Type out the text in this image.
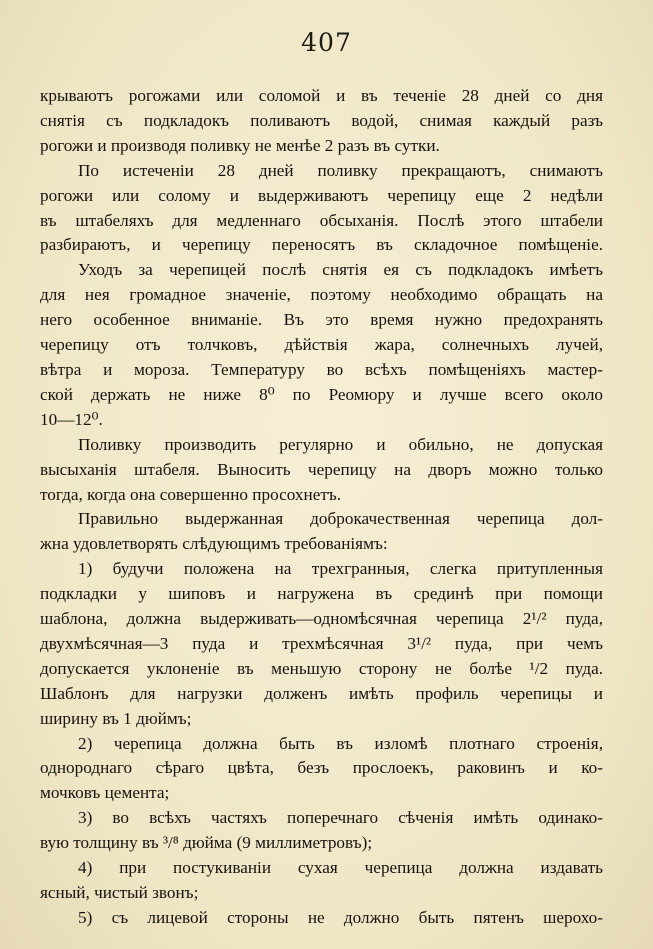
407
крываютъ рогожами или соломой и въ теченіе 28 дней со дня
снятія съ подкладокъ поливаютъ водой, снимая каждый разъ
рогожи и производя поливку не менѣе 2 разъ въ сутки.
По истеченіи 28 дней поливку прекращаютъ, снимаютъ
рогожи или солому и выдерживаютъ черепицу еще 2 недѣли
въ штабеляхъ для медленнаго обсыханія. Послѣ этого штабели
разбираютъ, и черепицу переносятъ въ складочное помѣщеніе.
Уходъ за черепицей послѣ снятія ея съ подкладокъ имѣетъ
для нея громадное значеніе, поэтому необходимо обращать на
него особенное вниманіе. Въ это время нужно предохранять
черепицу отъ толчковъ, дѣйствія жара, солнечныхъ лучей,
вѣтра и мороза. Температуру во всѣхъ помѣщеніяхъ мастер-
ской держать не ниже 8⁰ по Реомюру и лучше всего около
10—12⁰.
Поливку производить регулярно и обильно, не допуская
высыханія штабеля. Выносить черепицу на дворъ можно только
тогда, когда она совершенно просохнетъ.
Правильно выдержанная доброкачественная черепица дол-
жна удовлетворять слѣдующимъ требованіямъ:
1) будучи положена на трехгранныя, слегка притупленныя
подкладки у шиповъ и нагружена въ срединѣ при помощи
шаблона, должна выдерживать—одномѣсячная черепица 2¹/² пуда,
двухмѣсячная—3 пуда и трехмѣсячная 3¹/² пуда, при чемъ
допускается уклоненіе въ меньшую сторону не болѣе ¹/2 пуда.
Шаблонъ для нагрузки долженъ имѣть профиль черепицы и
ширину въ 1 дюймъ;
2) черепица должна быть въ изломѣ плотнаго строенія,
однороднаго сѣраго цвѣта, безъ прослоекъ, раковинъ и ко-
мочковъ цемента;
3) во всѣхъ частяхъ поперечнаго сѣченія имѣть одинако-
вую толщину въ ³/⁸ дюйма (9 миллиметровъ);
4) при постукиваніи сухая черепица должна издавать
ясный, чистый звонъ;
5) съ лицевой стороны не должно быть пятенъ шерохо-
